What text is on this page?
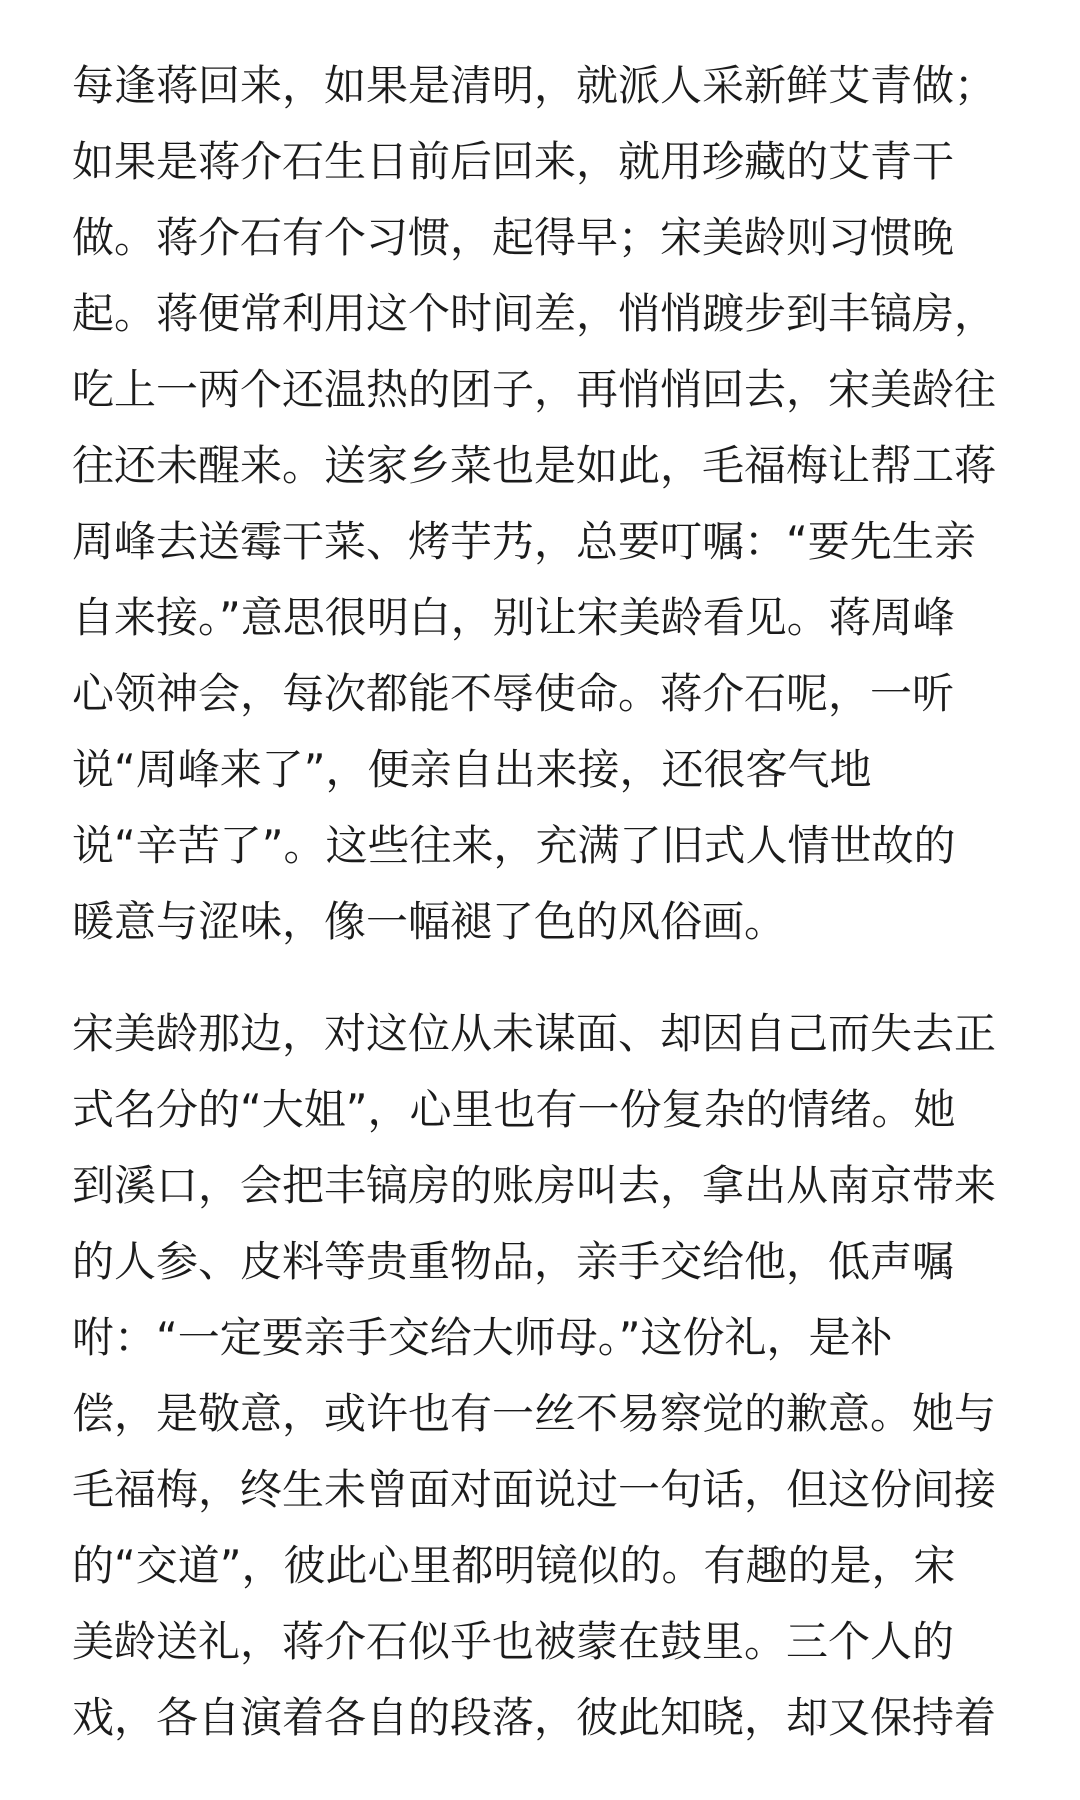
每逢蒋回来，如果是清明，就派人采新鲜艾青做；
如果是蒋介石生日前后回来，就用珍藏的艾青干
做。蒋介石有个习惯，起得早；宋美龄则习惯晚
起。蒋便常利用这个时间差，悄悄踱步到丰镐房，
吃上一两个还温热的团子，再悄悄回去，宋美龄往
往还未醒来。送家乡菜也是如此，毛福梅让帮工蒋
周峰去送霉干菜、烤芋艿，总要叮嘱：“要先生亲
自来接。”意思很明白，别让宋美龄看见。蒋周峰
心领神会，每次都能不辱使命。蒋介石呢，一听
说“周峰来了”，便亲自出来接，还很客气地
说“辛苦了”。这些往来，充满了旧式人情世故的
暖意与涩味，像一幅褪了色的风俗画。

宋美龄那边，对这位从未谋面、却因自己而失去正
式名分的“大姐”，心里也有一份复杂的情绪。她
到溪口，会把丰镐房的账房叫去，拿出从南京带来
的人参、皮料等贵重物品，亲手交给他，低声嘱
咐：“一定要亲手交给大师母。”这份礼，是补
偿，是敬意，或许也有一丝不易察觉的歉意。她与
毛福梅，终生未曾面对面说过一句话，但这份间接
的“交道”，彼此心里都明镜似的。有趣的是，宋
美龄送礼，蒋介石似乎也被蒙在鼓里。三个人的
戏，各自演着各自的段落，彼此知晓，却又保持着
